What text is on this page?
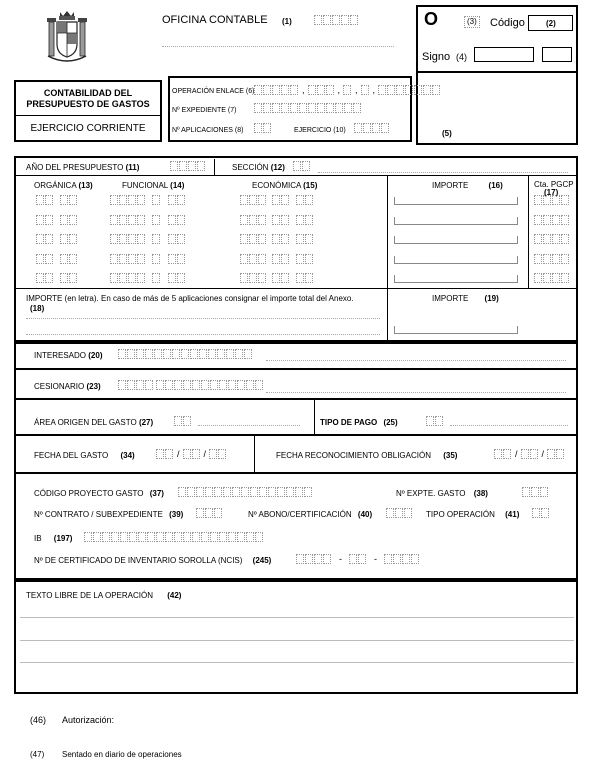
OFICINA CONTABLE (1)	O	(3) Código	(2)
Signo (4)
(5)
CONTABILIDAD DEL
PRESUPUESTO DE GASTOS
EJERCICIO CORRIENTE
OPERACIÓN ENLACE (6)	,	, , ,
Nº EXPEDIENTE (7)
Nº APLICACIONES (8)	EJERCICIO (10)
AÑO DEL PRESUPUESTO (11)	SECCIÓN (12)
ORGÁNICA (13)	FUNCIONAL (14)	ECONÓMICA (15)	IMPORTE	(16)	Cta. PGCP
(17)
IMPORTE (en letra). En caso de más de 5 aplicaciones consignar el importe total del Anexo.
(18)
IMPORTE (19)
INTERESADO (20)
CESIONARIO (23)
ÁREA ORIGEN DEL GASTO (27)	TIPO DE PAGO (25)
FECHA DEL GASTO (34)	/	/	FECHA RECONOCIMIENTO OBLIGACIÓN (35)	/	/
CÓDIGO PROYECTO GASTO (37)	Nº EXPTE. GASTO (38)
Nº CONTRATO / SUBEXPEDIENTE (39)	Nº ABONO/CERTIFICACIÓN (40)	TIPO OPERACIÓN (41)
IB (197)
Nº DE CERTIFICADO DE INVENTARIO SOROLLA (NCIS) (245)	-	-
TEXTO LIBRE DE LA OPERACIÓN (42)
(46) Autorización:
(47) Sentado en diario de operaciones
